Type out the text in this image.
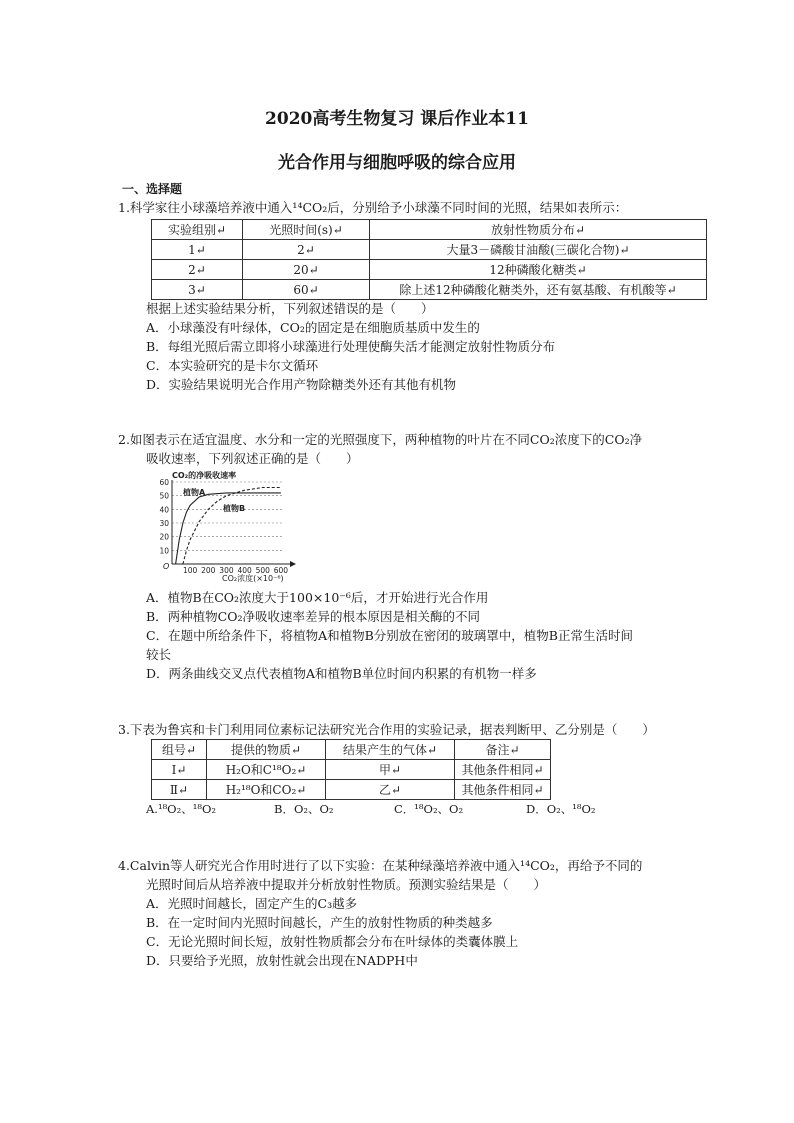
2020高考生物复习 课后作业本11
光合作用与细胞呼吸的综合应用
一、选择题
1.科学家往小球藻培养液中通入¹⁴CO₂后，分别给予小球藻不同时间的光照，结果如表所示：
实验组别↵	光照时间(s)↵	放射性物质分布↵
1↵	2↵	大量3－磷酸甘油酸(三碳化合物)↵
2↵	20↵	12种磷酸化糖类↵
3↵	60↵	除上述12种磷酸化糖类外，还有氨基酸、有机酸等↵
根据上述实验结果分析，下列叙述错误的是（　　）
A．小球藻没有叶绿体，CO₂的固定是在细胞质基质中发生的
B．每组光照后需立即将小球藻进行处理使酶失活才能测定放射性物质分布
C．本实验研究的是卡尔文循环
D．实验结果说明光合作用产物除糖类外还有其他有机物
2.如图表示在适宜温度、水分和一定的光照强度下，两种植物的叶片在不同CO₂浓度下的CO₂净
吸收速率，下列叙述正确的是（　　）
CO₂的净吸收速率
O
10
20
30
40
50
60
100 200 300 400 500 600
植物A
植物B
CO₂浓度(×10⁻⁶)
A．植物B在CO₂浓度大于100×10⁻⁶后，才开始进行光合作用
B．两种植物CO₂净吸收速率差异的根本原因是相关酶的不同
C．在题中所给条件下，将植物A和植物B分别放在密闭的玻璃罩中，植物B正常生活时间
较长
D．两条曲线交叉点代表植物A和植物B单位时间内积累的有机物一样多
3.下表为鲁宾和卡门利用同位素标记法研究光合作用的实验记录，据表判断甲、乙分别是（　　）
组号↵	提供的物质↵	结果产生的气体↵	备注↵
Ⅰ↵	H₂O和C¹⁸O₂↵	甲↵	其他条件相同↵
Ⅱ↵	H₂¹⁸O和CO₂↵	乙↵	其他条件相同↵
A.¹⁸O₂、¹⁸O₂	B．O₂、O₂	C．¹⁸O₂、O₂	D．O₂、¹⁸O₂
4.Calvin等人研究光合作用时进行了以下实验：在某种绿藻培养液中通入¹⁴CO₂，再给予不同的
光照时间后从培养液中提取并分析放射性物质。预测实验结果是（　　）
A．光照时间越长，固定产生的C₃越多
B．在一定时间内光照时间越长，产生的放射性物质的种类越多
C．无论光照时间长短，放射性物质都会分布在叶绿体的类囊体膜上
D．只要给予光照，放射性就会出现在NADPH中
